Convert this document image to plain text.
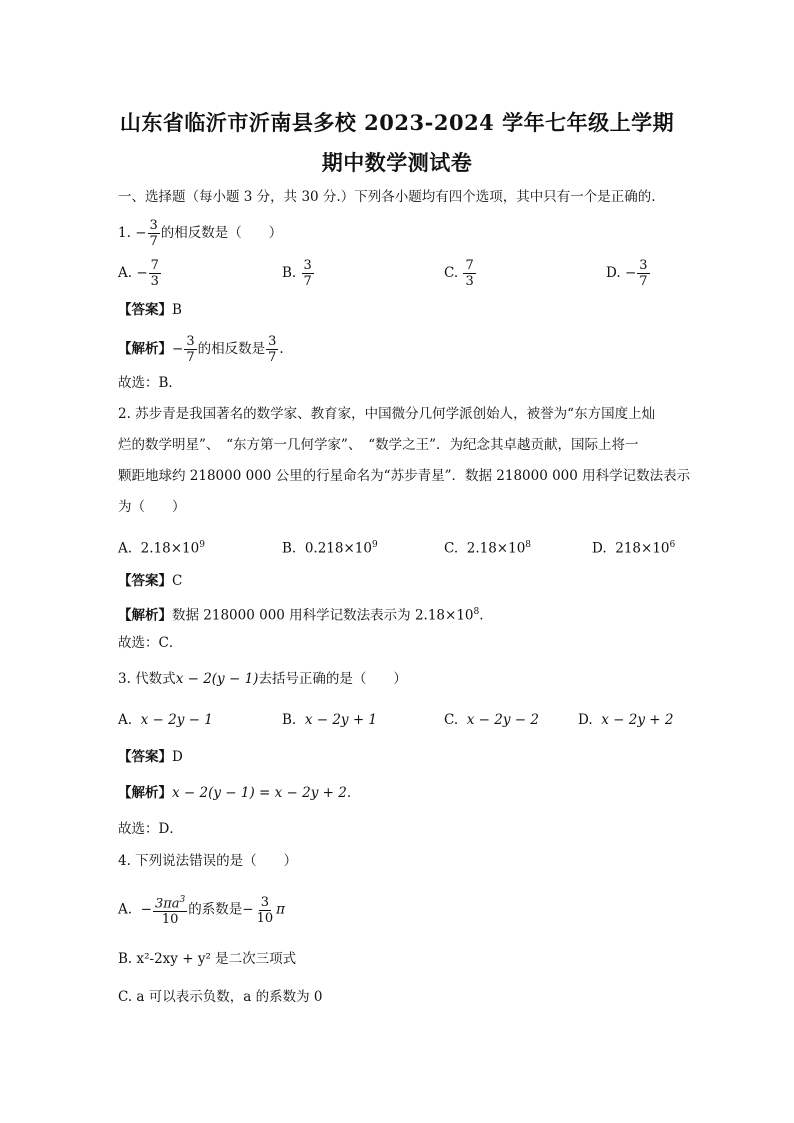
山东省临沂市沂南县多校 2023-2024 学年七年级上学期
期中数学测试卷
一、选择题（每小题 3 分，共 30 分.）下列各小题均有四个选项，其中只有一个是正确的.
1. − $\frac{3}{7}$ 的相反数是（　　）
A. − $\frac{7}{3}$	B. $\frac{3}{7}$	C. $\frac{7}{3}$	D. − $\frac{3}{7}$
【答案】B
【解析】− $\frac{3}{7}$ 的相反数是 $\frac{3}{7}$ .
故选：B．
2. 苏步青是我国著名的数学家、教育家，中国微分几何学派创始人，被誉为“东方国度上灿
烂的数学明星”、　“东方第一几何学家”、　“数学之王”．为纪念其卓越贡献，国际上将一
颗距地球约 218000 000 公里的行星命名为“苏步青星”．数据 218000 000 用科学记数法表示
为（　　）
A. $2.18\times 10^9$	B. $0.218\times 10^9$	C. $2.18\times 10^8$	D. $218\times 10^6$
【答案】C
【解析】数据 218000 000 用科学记数法表示为 $2.18\times 10^8$.
故选：C．
3. 代数式x − 2(y − 1)去括号正确的是（　　）
A. x − 2y − 1	B. x − 2y + 1	C. x − 2y − 2	D. x − 2y + 2
【答案】D
【解析】x − 2(y − 1) = x − 2y + 2.
故选：D．
4. 下列说法错误的是（　　）
A. − $\frac{3\pi a^3}{10}$ 的系数是− $\frac{3}{10}$ π
B. x²-2xy + y² 是二次三项式
C. a 可以表示负数，a 的系数为 0
